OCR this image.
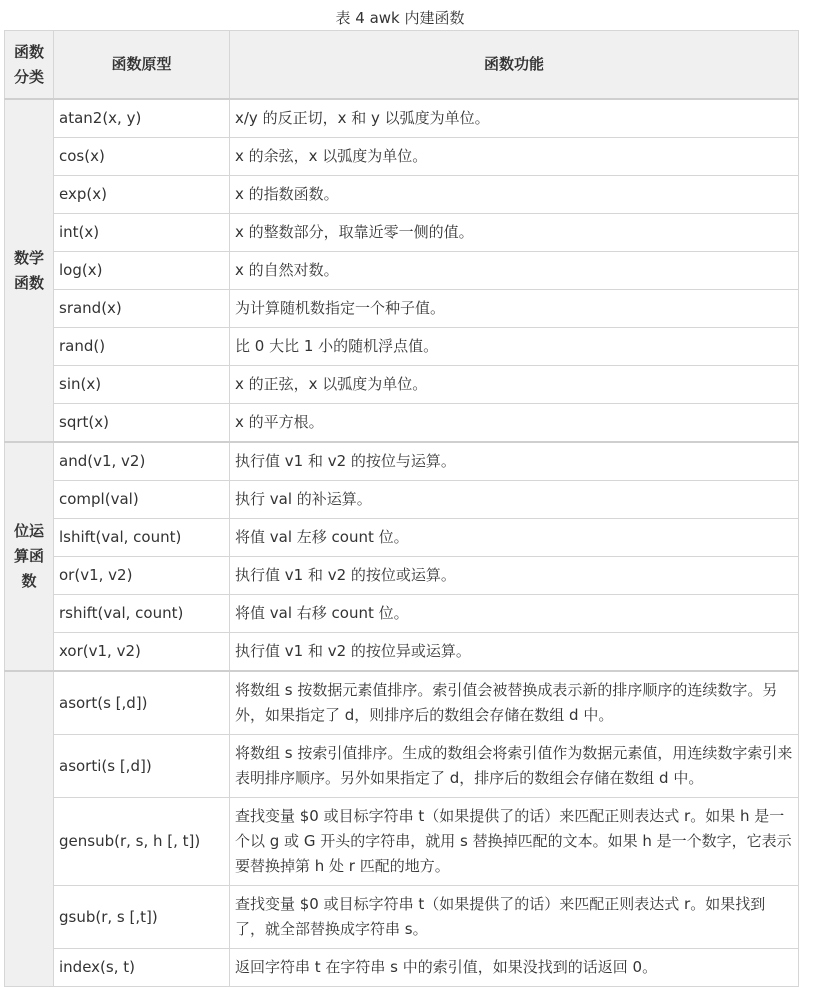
表 4 awk 内建函数
函数分类	函数原型	函数功能
数学函数	atan2(x, y)	x/y 的反正切，x 和 y 以弧度为单位。
	cos(x)	x 的余弦，x 以弧度为单位。
	exp(x)	x 的指数函数。
	int(x)	x 的整数部分，取靠近零一侧的值。
	log(x)	x 的自然对数。
	srand(x)	为计算随机数指定一个种子值。
	rand()	比 0 大比 1 小的随机浮点值。
	sin(x)	x 的正弦，x 以弧度为单位。
	sqrt(x)	x 的平方根。
位运算函数	and(v1, v2)	执行值 v1 和 v2 的按位与运算。
	compl(val)	执行 val 的补运算。
	lshift(val, count)	将值 val 左移 count 位。
	or(v1, v2)	执行值 v1 和 v2 的按位或运算。
	rshift(val, count)	将值 val 右移 count 位。
	xor(v1, v2)	执行值 v1 和 v2 的按位异或运算。
	asort(s [,d])	将数组 s 按数据元素值排序。索引值会被替换成表示新的排序顺序的连续数字。另外，如果指定了 d，则排序后的数组会存储在数组 d 中。
	asorti(s [,d])	将数组 s 按索引值排序。生成的数组会将索引值作为数据元素值，用连续数字索引来表明排序顺序。另外如果指定了 d，排序后的数组会存储在数组 d 中。
	gensub(r, s, h [, t])	查找变量 $0 或目标字符串 t（如果提供了的话）来匹配正则表达式 r。如果 h 是一个以 g 或 G 开头的字符串，就用 s 替换掉匹配的文本。如果 h 是一个数字，它表示要替换掉第 h 处 r 匹配的地方。
	gsub(r, s [,t])	查找变量 $0 或目标字符串 t（如果提供了的话）来匹配正则表达式 r。如果找到了，就全部替换成字符串 s。
	index(s, t)	返回字符串 t 在字符串 s 中的索引值，如果没找到的话返回 0。
